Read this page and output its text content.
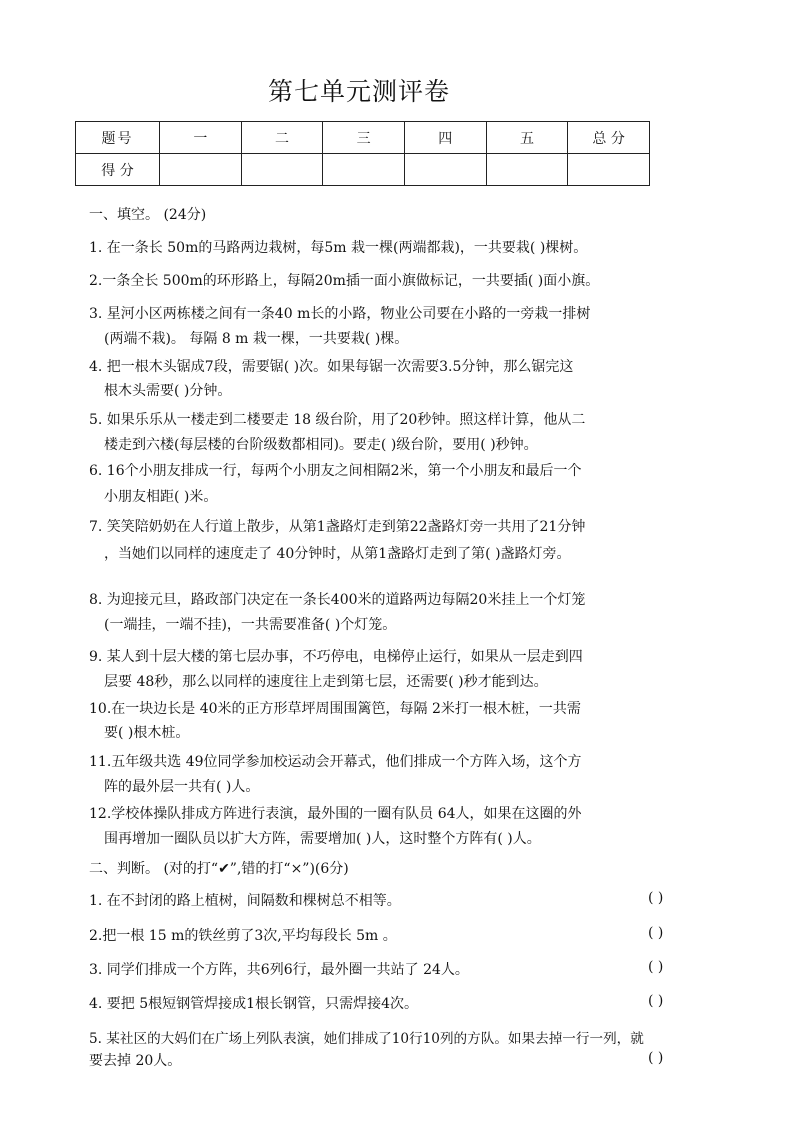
第七单元测评卷
题号	一	二	三	四	五	总 分
得 分						
一、填空。 (24分)
1. 在一条长 50m的马路两边栽树，每5m 栽一棵(两端都栽)，一共要栽( )棵树。
2.一条全长 500m的环形路上，每隔20m插一面小旗做标记，一共要插( )面小旗。
3. 星河小区两栋楼之间有一条40 m长的小路，物业公司要在小路的一旁栽一排树
(两端不栽)。 每隔 8 m 栽一棵，一共要栽( )棵。
4. 把一根木头锯成7段，需要锯( )次。如果每锯一次需要3.5分钟，那么锯完这
根木头需要( )分钟。
5. 如果乐乐从一楼走到二楼要走 18 级台阶，用了20秒钟。照这样计算，他从二
楼走到六楼(每层楼的台阶级数都相同)。要走( )级台阶，要用( )秒钟。
6. 16个小朋友排成一行，每两个小朋友之间相隔2米，第一个小朋友和最后一个
小朋友相距( )米。
7. 笑笑陪奶奶在人行道上散步，从第1盏路灯走到第22盏路灯旁一共用了21分钟
，当她们以同样的速度走了 40分钟时，从第1盏路灯走到了第( )盏路灯旁。
8. 为迎接元旦，路政部门决定在一条长400米的道路两边每隔20米挂上一个灯笼
(一端挂，一端不挂)，一共需要准备( )个灯笼。
9. 某人到十层大楼的第七层办事，不巧停电，电梯停止运行，如果从一层走到四
层要 48秒，那么以同样的速度往上走到第七层，还需要( )秒才能到达。
10.在一块边长是 40米的正方形草坪周围围篱笆，每隔 2米打一根木桩，一共需
要( )根木桩。
11.五年级共选 49位同学参加校运动会开幕式，他们排成一个方阵入场，这个方
阵的最外层一共有( )人。
12.学校体操队排成方阵进行表演，最外围的一圈有队员 64人，如果在这圈的外
围再增加一圈队员以扩大方阵，需要增加( )人，这时整个方阵有( )人。
二、判断。 (对的打“✔”,错的打“×”)(6分)
1. 在不封闭的路上植树，间隔数和棵树总不相等。	( )
2.把一根 15 m的铁丝剪了3次,平均每段长 5m 。	( )
3. 同学们排成一个方阵，共6列6行，最外圈一共站了 24人。	( )
4. 要把 5根短钢管焊接成1根长钢管，只需焊接4次。	( )
5. 某社区的大妈们在广场上列队表演，她们排成了10行10列的方队。如果去掉一行一列，就
要去掉 20人。	( )
